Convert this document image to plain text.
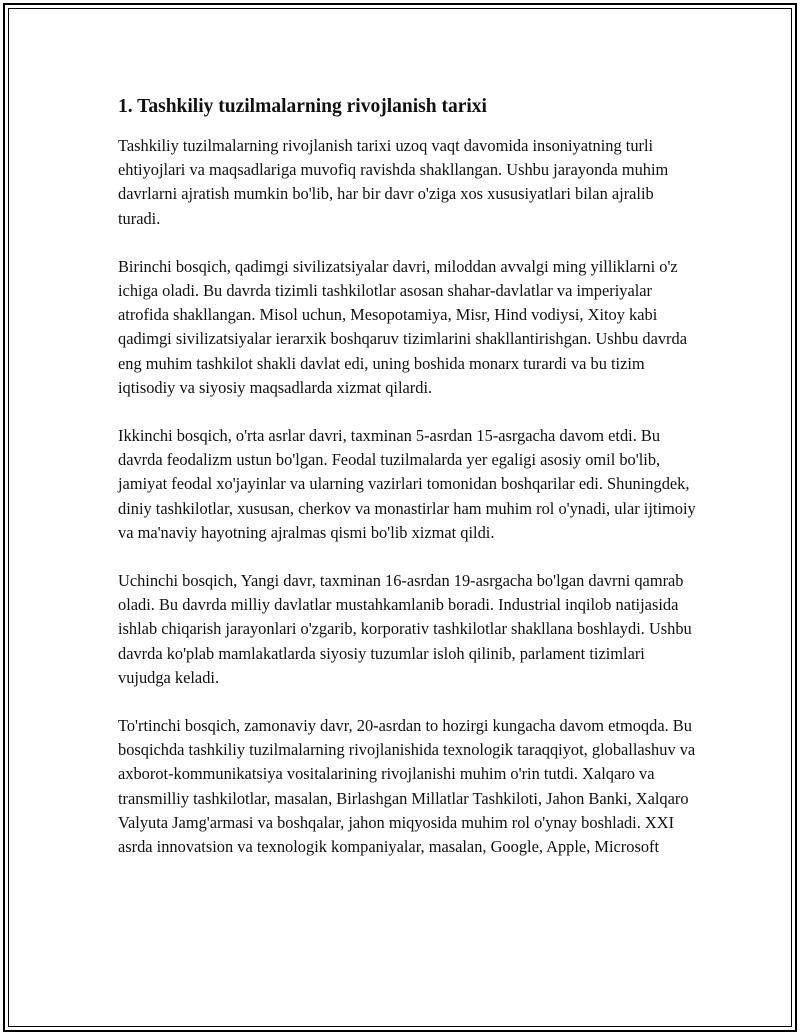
1. Tashkiliy tuzilmalarning rivojlanish tarixi

Tashkiliy tuzilmalarning rivojlanish tarixi uzoq vaqt davomida insoniyatning turli ehtiyojlari va maqsadlariga muvofiq ravishda shakllangan. Ushbu jarayonda muhim davrlarni ajratish mumkin bo'lib, har bir davr o'ziga xos xususiyatlari bilan ajralib turadi.

Birinchi bosqich, qadimgi sivilizatsiyalar davri, miloddan avvalgi ming yilliklarni o'z ichiga oladi. Bu davrda tizimli tashkilotlar asosan shahar-davlatlar va imperiyalar atrofida shakllangan. Misol uchun, Mesopotamiya, Misr, Hind vodiysi, Xitoy kabi qadimgi sivilizatsiyalar ierarxik boshqaruv tizimlarini shakllantirishgan. Ushbu davrda eng muhim tashkilot shakli davlat edi, uning boshida monarx turardi va bu tizim iqtisodiy va siyosiy maqsadlarda xizmat qilardi.

Ikkinchi bosqich, o'rta asrlar davri, taxminan 5-asrdan 15-asrgacha davom etdi. Bu davrda feodalizm ustun bo'lgan. Feodal tuzilmalarda yer egaligi asosiy omil bo'lib, jamiyat feodal xo'jayinlar va ularning vazirlari tomonidan boshqarilar edi. Shuningdek, diniy tashkilotlar, xususan, cherkov va monastirlar ham muhim rol o'ynadi, ular ijtimoiy va ma'naviy hayotning ajralmas qismi bo'lib xizmat qildi.

Uchinchi bosqich, Yangi davr, taxminan 16-asrdan 19-asrgacha bo'lgan davrni qamrab oladi. Bu davrda milliy davlatlar mustahkamlanib boradi. Industrial inqilob natijasida ishlab chiqarish jarayonlari o'zgarib, korporativ tashkilotlar shakllana boshlaydi. Ushbu davrda ko'plab mamlakatlarda siyosiy tuzumlar isloh qilinib, parlament tizimlari vujudga keladi.

To'rtinchi bosqich, zamonaviy davr, 20-asrdan to hozirgi kungacha davom etmoqda. Bu bosqichda tashkiliy tuzilmalarning rivojlanishida texnologik taraqqiyot, globallashuv va axborot-kommunikatsiya vositalarining rivojlanishi muhim o'rin tutdi. Xalqaro va transmilliy tashkilotlar, masalan, Birlashgan Millatlar Tashkiloti, Jahon Banki, Xalqaro Valyuta Jamg'armasi va boshqalar, jahon miqyosida muhim rol o'ynay boshladi. XXI asrda innovatsion va texnologik kompaniyalar, masalan, Google, Apple, Microsoft
